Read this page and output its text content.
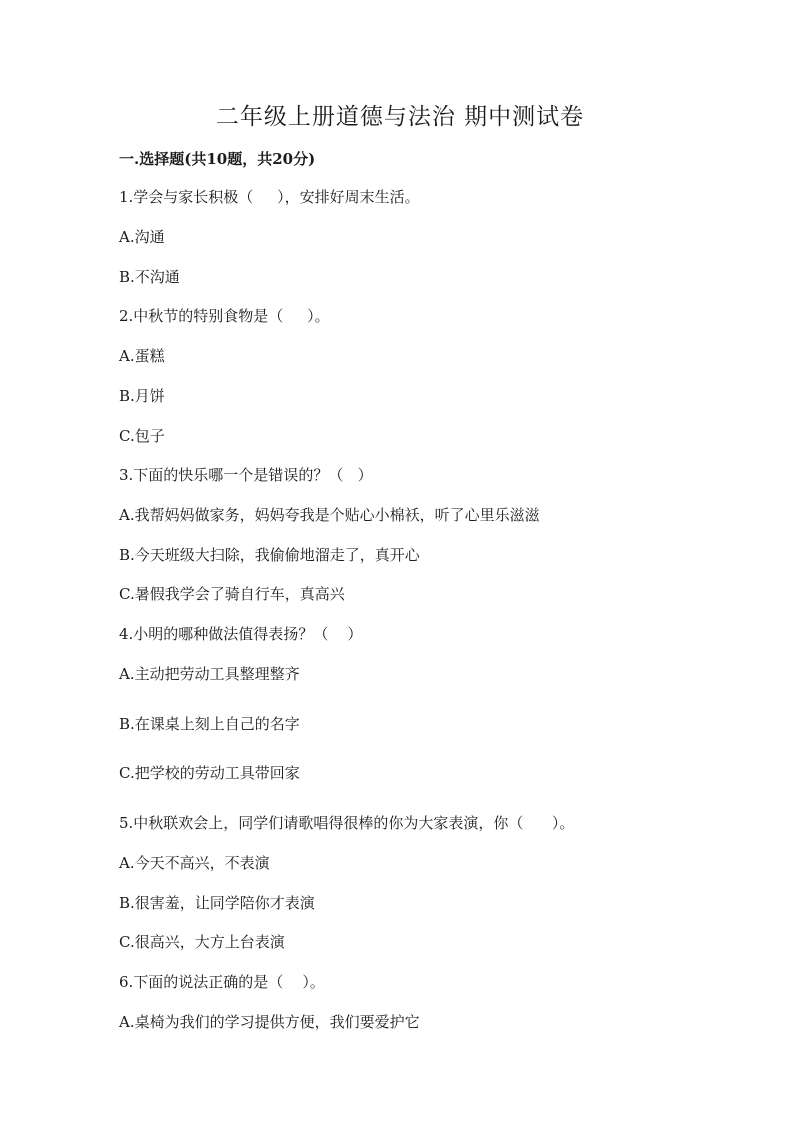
二年级上册道德与法治 期中测试卷
一.选择题(共10题，共20分)
1.学会与家长积极（     ），安排好周末生活。
A.沟通
B.不沟通
2.中秋节的特别食物是（     ）。
A.蛋糕
B.月饼
C.包子
3.下面的快乐哪一个是错误的？（   ）
A.我帮妈妈做家务，妈妈夸我是个贴心小棉袄，听了心里乐滋滋
B.今天班级大扫除，我偷偷地溜走了，真开心
C.暑假我学会了骑自行车，真高兴
4.小明的哪种做法值得表扬？（    ）
A.主动把劳动工具整理整齐
B.在课桌上刻上自己的名字
C.把学校的劳动工具带回家
5.中秋联欢会上，同学们请歌唱得很棒的你为大家表演，你（      ）。
A.今天不高兴，不表演
B.很害羞，让同学陪你才表演
C.很高兴，大方上台表演
6.下面的说法正确的是（    ）。
A.桌椅为我们的学习提供方便，我们要爱护它
